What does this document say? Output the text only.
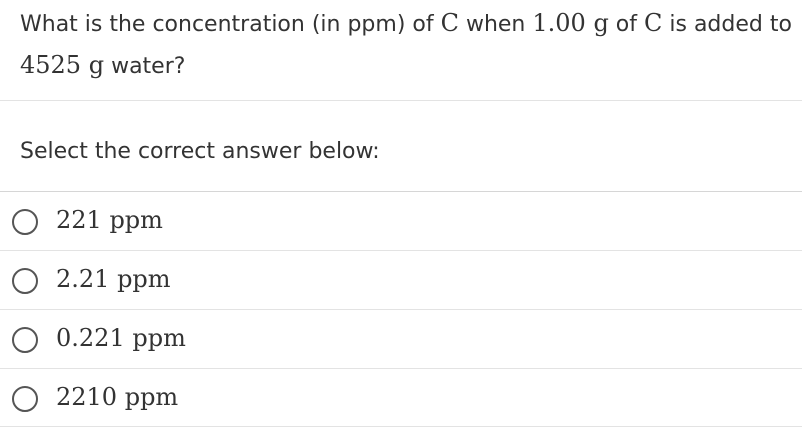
What is the concentration (in ppm) of C when 1.00 g of C is added to
4525 g water?
Select the correct answer below:
221 ppm
2.21 ppm
0.221 ppm
2210 ppm
